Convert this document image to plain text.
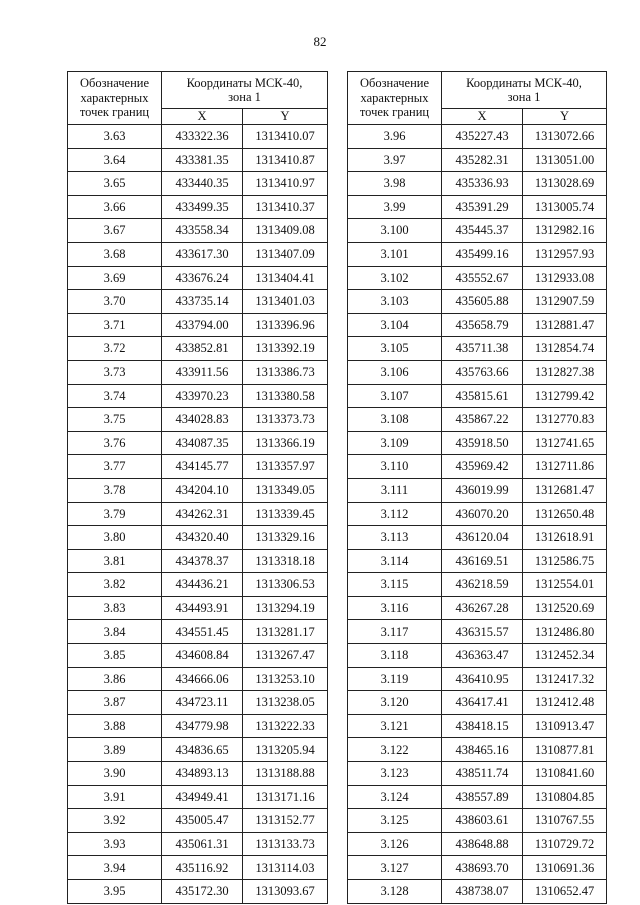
82
Обозначение
характерных
точек границ	Координаты МСК-40,
зона 1	

	X	Y
3.63	433322.36	1313410.07
3.64	433381.35	1313410.87
3.65	433440.35	1313410.97
3.66	433499.35	1313410.37
3.67	433558.34	1313409.08
3.68	433617.30	1313407.09
3.69	433676.24	1313404.41
3.70	433735.14	1313401.03
3.71	433794.00	1313396.96
3.72	433852.81	1313392.19
3.73	433911.56	1313386.73
3.74	433970.23	1313380.58
3.75	434028.83	1313373.73
3.76	434087.35	1313366.19
3.77	434145.77	1313357.97
3.78	434204.10	1313349.05
3.79	434262.31	1313339.45
3.80	434320.40	1313329.16
3.81	434378.37	1313318.18
3.82	434436.21	1313306.53
3.83	434493.91	1313294.19
3.84	434551.45	1313281.17
3.85	434608.84	1313267.47
3.86	434666.06	1313253.10
3.87	434723.11	1313238.05
3.88	434779.98	1313222.33
3.89	434836.65	1313205.94
3.90	434893.13	1313188.88
3.91	434949.41	1313171.16
3.92	435005.47	1313152.77
3.93	435061.31	1313133.73
3.94	435116.92	1313114.03
3.95	435172.30	1313093.67
Обозначение
характерных
точек границ	Координаты МСК-40,
зона 1	

	X	Y
3.96	435227.43	1313072.66
3.97	435282.31	1313051.00
3.98	435336.93	1313028.69
3.99	435391.29	1313005.74
3.100	435445.37	1312982.16
3.101	435499.16	1312957.93
3.102	435552.67	1312933.08
3.103	435605.88	1312907.59
3.104	435658.79	1312881.47
3.105	435711.38	1312854.74
3.106	435763.66	1312827.38
3.107	435815.61	1312799.42
3.108	435867.22	1312770.83
3.109	435918.50	1312741.65
3.110	435969.42	1312711.86
3.111	436019.99	1312681.47
3.112	436070.20	1312650.48
3.113	436120.04	1312618.91
3.114	436169.51	1312586.75
3.115	436218.59	1312554.01
3.116	436267.28	1312520.69
3.117	436315.57	1312486.80
3.118	436363.47	1312452.34
3.119	436410.95	1312417.32
3.120	436417.41	1312412.48
3.121	438418.15	1310913.47
3.122	438465.16	1310877.81
3.123	438511.74	1310841.60
3.124	438557.89	1310804.85
3.125	438603.61	1310767.55
3.126	438648.88	1310729.72
3.127	438693.70	1310691.36
3.128	438738.07	1310652.47
